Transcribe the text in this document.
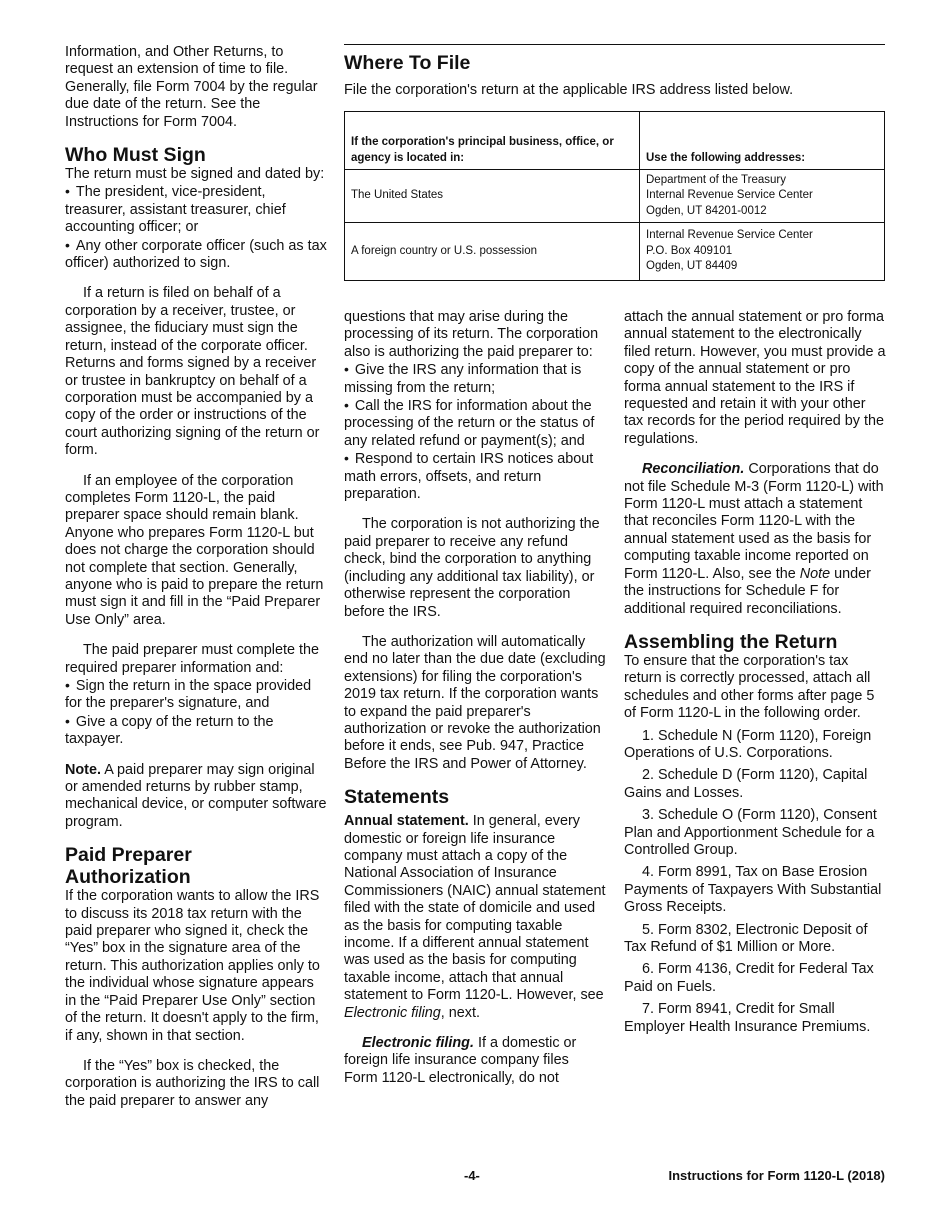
Information, and Other Returns, to request an extension of time to file. Generally, file Form 7004 by the regular due date of the return. See the Instructions for Form 7004.

Who Must Sign

The return must be signed and dated by:

• The president, vice-president, treasurer, assistant treasurer, chief accounting officer; or

• Any other corporate officer (such as tax officer) authorized to sign.

If a return is filed on behalf of a corporation by a receiver, trustee, or assignee, the fiduciary must sign the return, instead of the corporate officer. Returns and forms signed by a receiver or trustee in bankruptcy on behalf of a corporation must be accompanied by a copy of the order or instructions of the court authorizing signing of the return or form.

If an employee of the corporation completes Form 1120-L, the paid preparer space should remain blank. Anyone who prepares Form 1120-L but does not charge the corporation should not complete that section. Generally, anyone who is paid to prepare the return must sign it and fill in the “Paid Preparer Use Only” area.

The paid preparer must complete the required preparer information and:

• Sign the return in the space provided for the preparer's signature, and

• Give a copy of the return to the taxpayer.

Note. A paid preparer may sign original or amended returns by rubber stamp, mechanical device, or computer software program.

Paid Preparer
Authorization

If the corporation wants to allow the IRS to discuss its 2018 tax return with the paid preparer who signed it, check the “Yes” box in the signature area of the return. This authorization applies only to the individual whose signature appears in the “Paid Preparer Use Only” section of the return. It doesn't apply to the firm, if any, shown in that section.

If the “Yes” box is checked, the corporation is authorizing the IRS to call the paid preparer to answer any

Where To File

File the corporation's return at the applicable IRS address listed below.

If the corporation's principal business, office, or agency is located in:	Use the following addresses:
The United States	Department of the Treasury
Internal Revenue Service Center
Ogden, UT 84201-0012

A foreign country or U.S. possession	Internal Revenue Service Center
P.O. Box 409101
Ogden, UT 84409

questions that may arise during the processing of its return. The corporation also is authorizing the paid preparer to:

• Give the IRS any information that is missing from the return;

• Call the IRS for information about the processing of the return or the status of any related refund or payment(s); and

• Respond to certain IRS notices about math errors, offsets, and return preparation.

The corporation is not authorizing the paid preparer to receive any refund check, bind the corporation to anything (including any additional tax liability), or otherwise represent the corporation before the IRS.

The authorization will automatically end no later than the due date (excluding extensions) for filing the corporation's 2019 tax return. If the corporation wants to expand the paid preparer's authorization or revoke the authorization before it ends, see Pub. 947, Practice Before the IRS and Power of Attorney.

Statements

Annual statement. In general, every domestic or foreign life insurance company must attach a copy of the National Association of Insurance Commissioners (NAIC) annual statement filed with the state of domicile and used as the basis for computing taxable income. If a different annual statement was used as the basis for computing taxable income, attach that annual statement to Form 1120-L. However, see Electronic filing, next.

Electronic filing. If a domestic or foreign life insurance company files Form 1120-L electronically, do not

attach the annual statement or pro forma annual statement to the electronically filed return. However, you must provide a copy of the annual statement or pro forma annual statement to the IRS if requested and retain it with your other tax records for the period required by the regulations.

Reconciliation. Corporations that do not file Schedule M-3 (Form 1120-L) with Form 1120-L must attach a statement that reconciles Form 1120-L with the annual statement used as the basis for computing taxable income reported on Form 1120-L. Also, see the Note under the instructions for Schedule F for additional required reconciliations.

Assembling the Return

To ensure that the corporation's tax return is correctly processed, attach all schedules and other forms after page 5 of Form 1120-L in the following order.

1. Schedule N (Form 1120), Foreign Operations of U.S. Corporations.

2. Schedule D (Form 1120), Capital Gains and Losses.

3. Schedule O (Form 1120), Consent Plan and Apportionment Schedule for a Controlled Group.

4. Form 8991, Tax on Base Erosion Payments of Taxpayers With Substantial Gross Receipts.

5. Form 8302, Electronic Deposit of Tax Refund of $1 Million or More.

6. Form 4136, Credit for Federal Tax Paid on Fuels.

7. Form 8941, Credit for Small Employer Health Insurance Premiums.

-4-	Instructions for Form 1120-L (2018)
